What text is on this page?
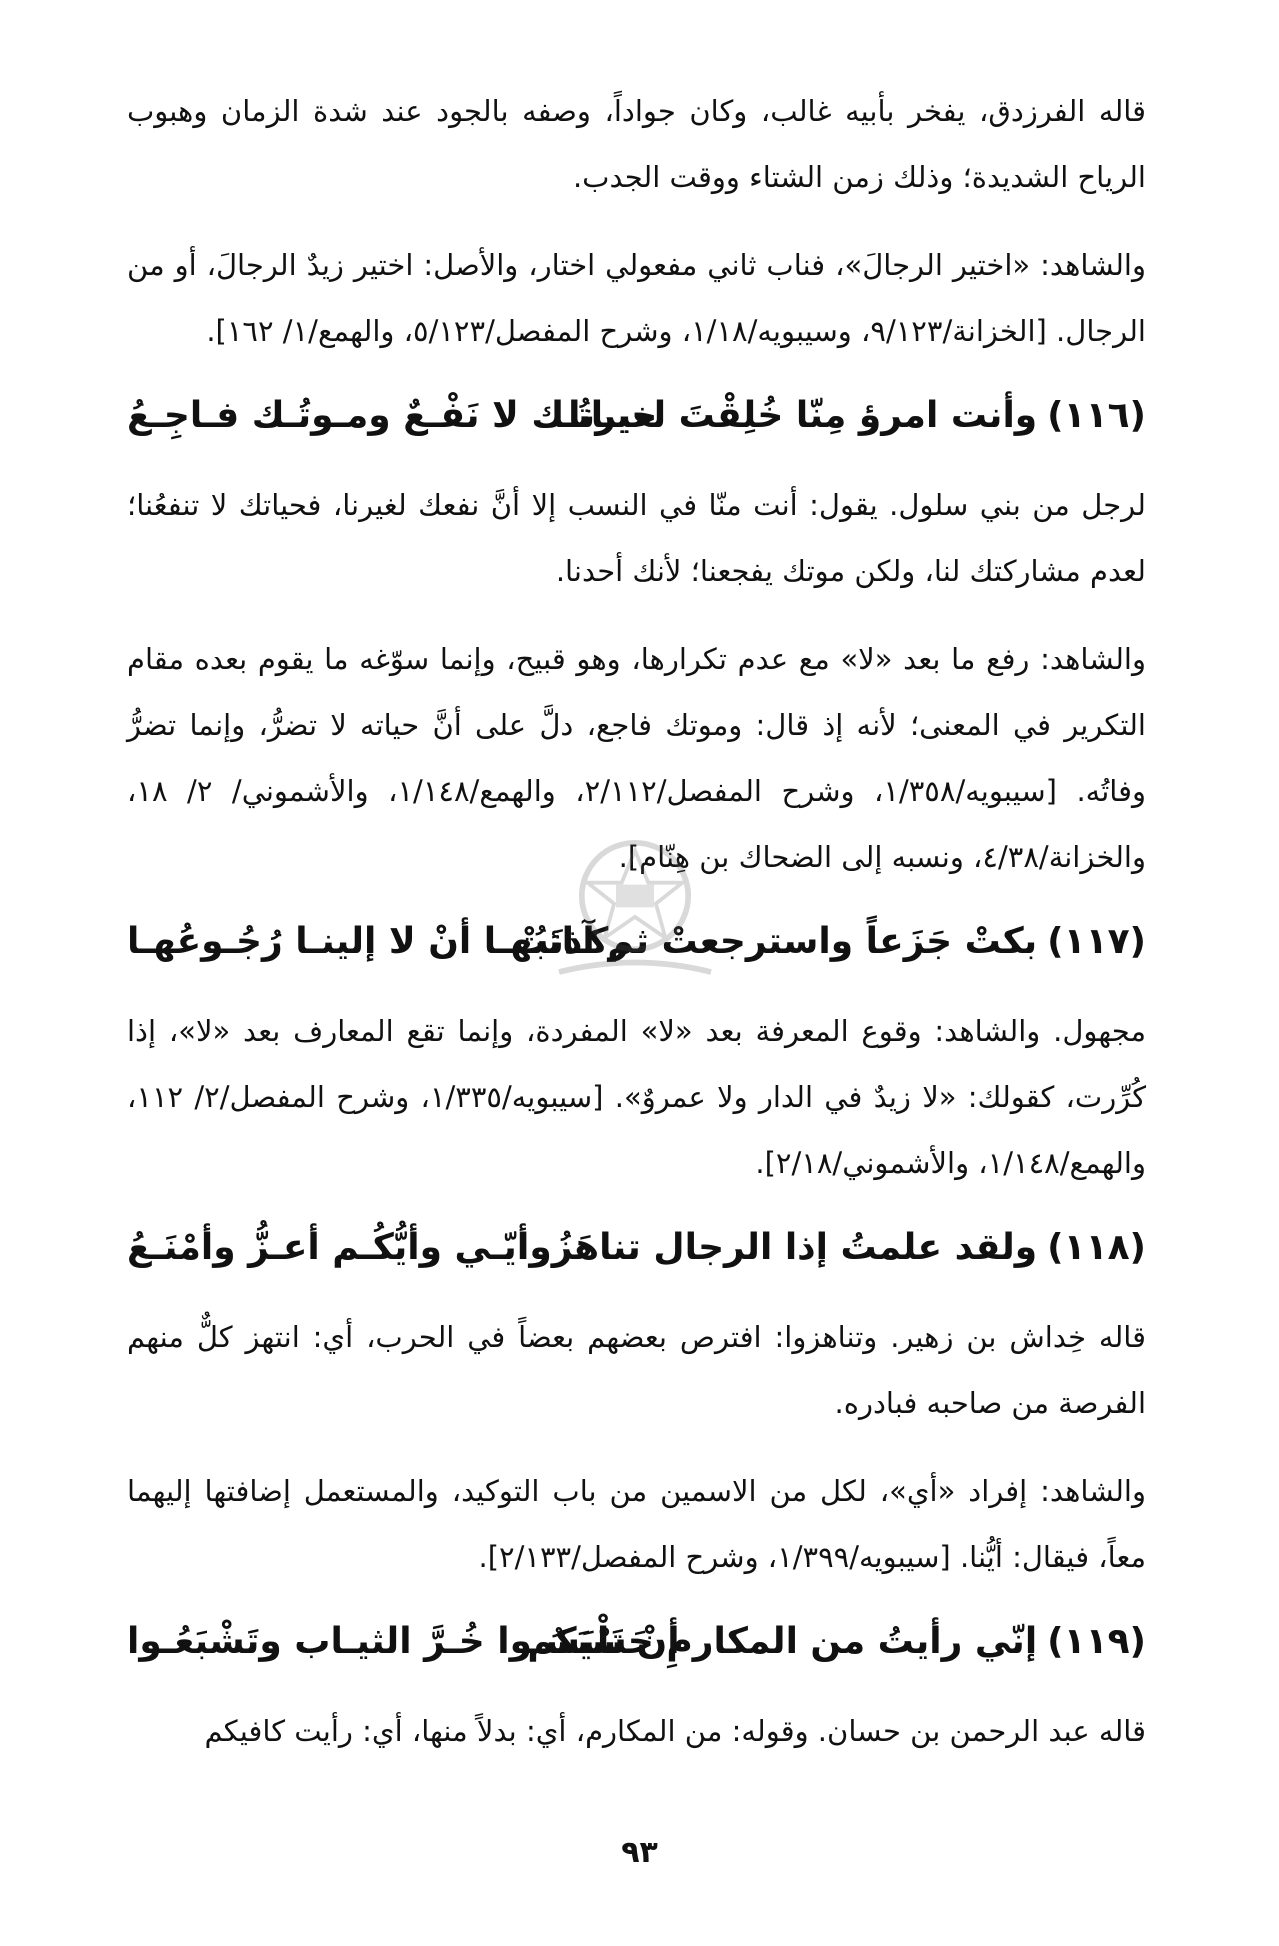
قاله الفرزدق، يفخر بأبيه غالب، وكان جواداً، وصفه بالجود عند شدة الزمان وهبوب الرياح الشديدة؛ وذلك زمن الشتاء ووقت الجدب.

والشاهد: «اختير الرجالَ»، فناب ثاني مفعولي اختار، والأصل: اختير زيدٌ الرجالَ، أو من الرجال. [الخزانة/٩/١٢٣، وسيبويه/١/١٨، وشرح المفصل/٥/١٢٣، والهمع/١/ ١٦٢].

(١١٦)
وأنت امرؤ مِنّا خُلِقْتَ لغيرنا
حيـاتُـك لا نَفْـعٌ ومـوتُـك فـاجِـعُ

لرجل من بني سلول. يقول: أنت منّا في النسب إلا أنَّ نفعك لغيرنا، فحياتك لا تنفعُنا؛ لعدم مشاركتك لنا، ولكن موتك يفجعنا؛ لأنك أحدنا.

والشاهد: رفع ما بعد «لا» مع عدم تكرارها، وهو قبيح، وإنما سوّغه ما يقوم بعده مقام التكرير في المعنى؛ لأنه إذ قال: وموتك فاجع، دلَّ على أنَّ حياته لا تضرُّ، وإنما تضرُّ وفاتُه. [سيبويه/١/٣٥٨، وشرح المفصل/٢/١١٢، والهمع/١/١٤٨، والأشموني/ ٢/ ١٨، والخزانة/٤/٣٨، ونسبه إلى الضحاك بن هِنّام].

(١١٧)
بكتْ جَزَعاً واسترجعتْ ثم آذنَتْ
ركـائبُهـا أنْ لا إلينـا رُجُـوعُهـا

مجهول. والشاهد: وقوع المعرفة بعد «لا» المفردة، وإنما تقع المعارف بعد «لا»، إذا كُرِّرت، كقولك: «لا زيدٌ في الدار ولا عمروٌ». [سيبويه/١/٣٣٥، وشرح المفصل/٢/ ١١٢، والهمع/١/١٤٨، والأشموني/٢/١٨].

(١١٨)
ولقد علمتُ إذا الرجال تناهَزُوا
أيّـي وأيُّكُـم أعـزُّ وأمْنَـعُ

قاله خِداش بن زهير. وتناهزوا: افترص بعضهم بعضاً في الحرب، أي: انتهز كلٌّ منهم الفرصة من صاحبه فبادره.

والشاهد: إفراد «أي»، لكل من الاسمين من باب التوكيد، والمستعمل إضافتها إليهما معاً، فيقال: أيُّنا. [سيبويه/١/٣٩٩، وشرح المفصل/٢/١٣٣].

(١١٩)
إنّي رأيتُ من المكارمِ حَسْبَكم
أنْ تَلْبَسُـوا خُـرَّ الثيـاب وتَشْبَعُـوا

قاله عبد الرحمن بن حسان. وقوله: من المكارم، أي: بدلاً منها، أي: رأيت كافيكم

٩٣
